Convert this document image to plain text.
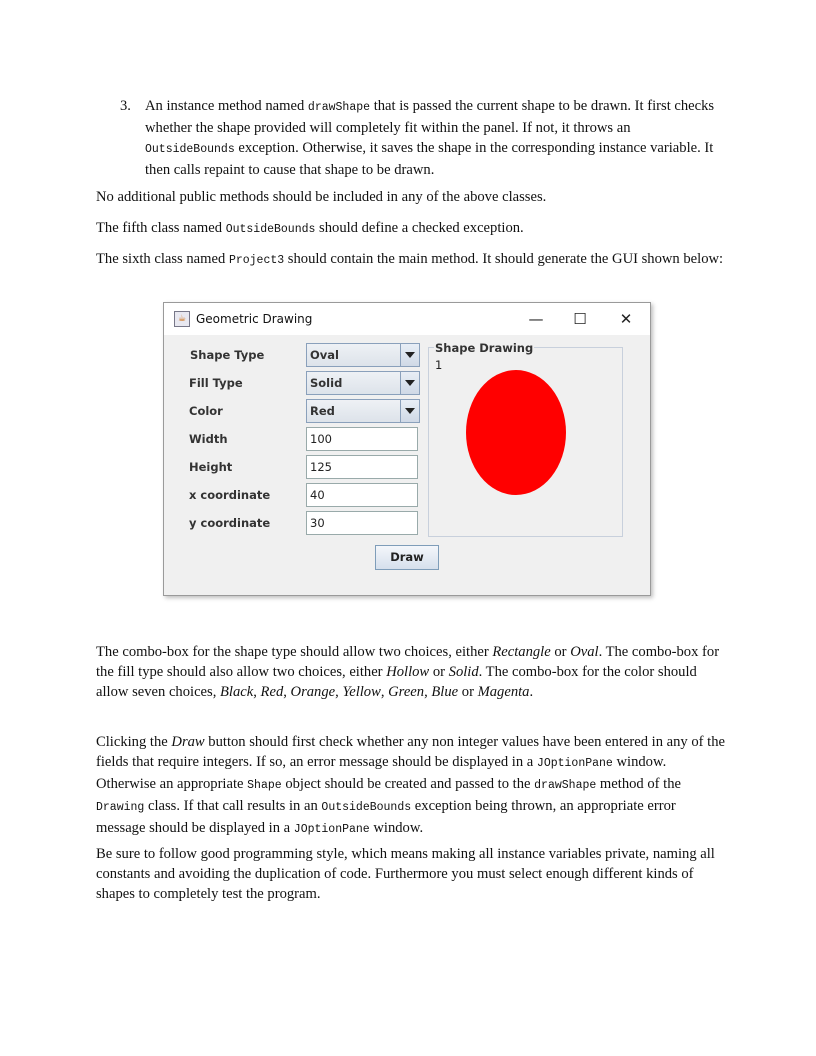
3. An instance method named drawShape that is passed the current shape to be drawn. It first checks whether the shape provided will completely fit within the panel. If not, it throws an OutsideBounds exception. Otherwise, it saves the shape in the corresponding instance variable. It then calls repaint to cause that shape to be drawn.
No additional public methods should be included in any of the above classes.
The fifth class named OutsideBounds should define a checked exception.
The sixth class named Project3 should contain the main method. It should generate the GUI shown below:
☕ Geometric Drawing	— ☐ ✕
Shape Type
Fill Type
Color
Width
Height
x coordinate
y coordinate
Oval
Solid
Red
100
125
40
30
Shape Drawing
1
Draw
The combo-box for the shape type should allow two choices, either Rectangle or Oval. The combo-box for the fill type should also allow two choices, either Hollow or Solid. The combo-box for the color should allow seven choices, Black, Red, Orange, Yellow, Green, Blue or Magenta.
Clicking the Draw button should first check whether any non integer values have been entered in any of the fields that require integers. If so, an error message should be displayed in a JOptionPane window. Otherwise an appropriate Shape object should be created and passed to the drawShape method of the Drawing class. If that call results in an OutsideBounds exception being thrown, an appropriate error message should be displayed in a JOptionPane window.
Be sure to follow good programming style, which means making all instance variables private, naming all constants and avoiding the duplication of code. Furthermore you must select enough different kinds of shapes to completely test the program.
